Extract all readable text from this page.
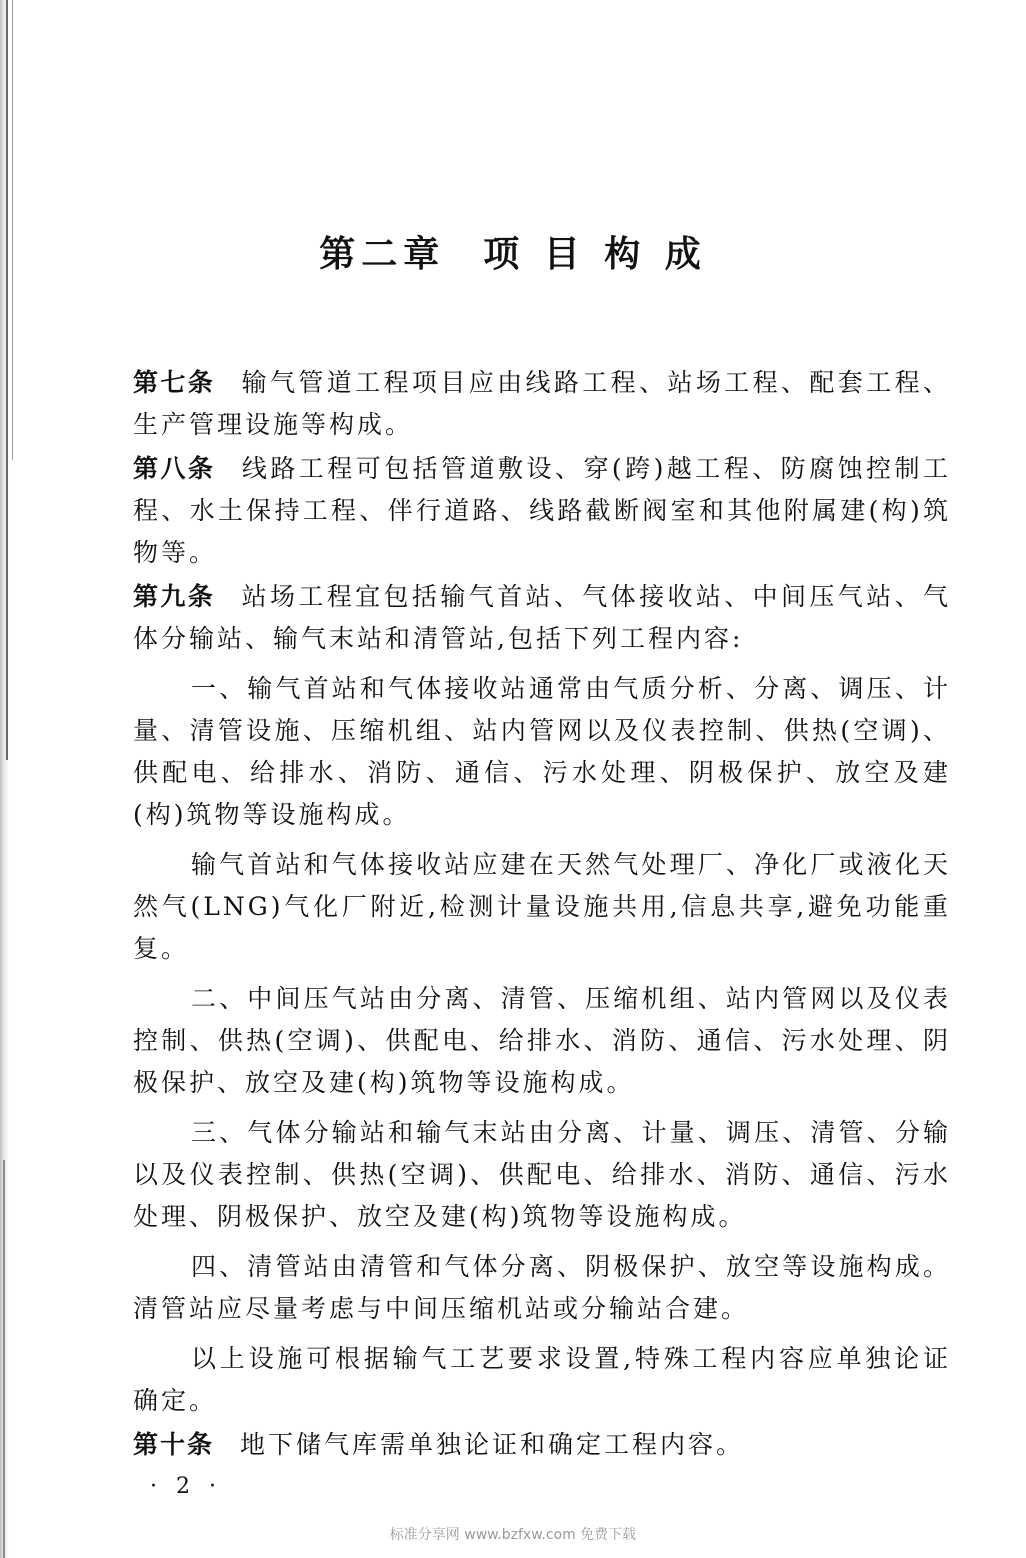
第二章 项 目 构 成

第七条 输气管道工程项目应由线路工程、站场工程、配套工程、生产管理设施等构成。

第八条 线路工程可包括管道敷设、穿(跨)越工程、防腐蚀控制工程、水土保持工程、伴行道路、线路截断阀室和其他附属建(构)筑物等。

第九条 站场工程宜包括输气首站、气体接收站、中间压气站、气体分输站、输气末站和清管站,包括下列工程内容:

一、输气首站和气体接收站通常由气质分析、分离、调压、计量、清管设施、压缩机组、站内管网以及仪表控制、供热(空调)、供配电、给排水、消防、通信、污水处理、阴极保护、放空及建(构)筑物等设施构成。

输气首站和气体接收站应建在天然气处理厂、净化厂或液化天然气(LNG)气化厂附近,检测计量设施共用,信息共享,避免功能重复。

二、中间压气站由分离、清管、压缩机组、站内管网以及仪表控制、供热(空调)、供配电、给排水、消防、通信、污水处理、阴极保护、放空及建(构)筑物等设施构成。

三、气体分输站和输气末站由分离、计量、调压、清管、分输以及仪表控制、供热(空调)、供配电、给排水、消防、通信、污水处理、阴极保护、放空及建(构)筑物等设施构成。

四、清管站由清管和气体分离、阴极保护、放空等设施构成。清管站应尽量考虑与中间压缩机站或分输站合建。

以上设施可根据输气工艺要求设置,特殊工程内容应单独论证确定。

第十条 地下储气库需单独论证和确定工程内容。

· 2 ·
标准分享网 www.bzfxw.com 免费下载
